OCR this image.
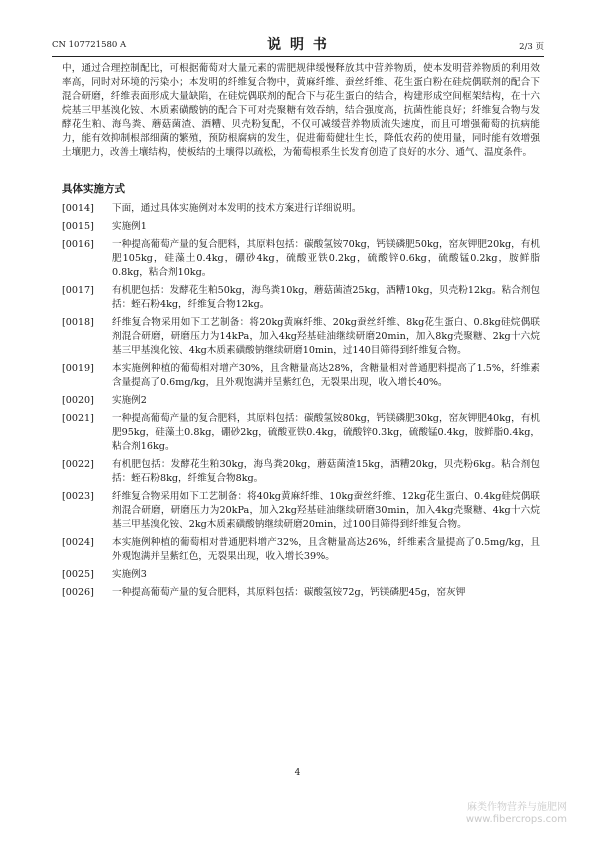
CN 107721580 A	说 明 书	2/3 页

中，通过合理控制配比，可根据葡萄对大量元素的需肥规律缓慢释放其中营养物质，使本发明营养物质的利用效率高，同时对环境的污染小；本发明的纤维复合物中，黄麻纤维、蚕丝纤维、花生蛋白粉在硅烷偶联剂的配合下混合研磨，纤维表面形成大量缺陷，在硅烷偶联剂的配合下与花生蛋白的结合，构建形成空间框架结构，在十六烷基三甲基溴化铵、木质素磺酸钠的配合下可对壳聚糖有效吞纳，结合强度高，抗菌性能良好；纤维复合物与发酵花生粕、海鸟粪、蘑菇菌渣、酒糟、贝壳粉复配，不仅可减缓营养物质流失速度，而且可增强葡萄的抗病能力，能有效抑制根部细菌的繁殖，预防根腐病的发生，促进葡萄健壮生长，降低农药的使用量，同时能有效增强土壤肥力，改善土壤结构，使板结的土壤得以疏松，为葡萄根系生长发育创造了良好的水分、通气、温度条件。

具体实施方式

[0014]	下面，通过具体实施例对本发明的技术方案进行详细说明。
[0015]	实施例1
[0016]	一种提高葡萄产量的复合肥料，其原料包括：碳酸氢铵70kg，钙镁磷肥50kg，窑灰钾肥20kg，有机肥105kg，硅藻土0.4kg，硼砂4kg，硫酸亚铁0.2kg，硫酸锌0.6kg，硫酸锰0.2kg，胺鲜脂0.8kg，粘合剂10kg。
[0017]	有机肥包括：发酵花生粕50kg，海鸟粪10kg，蘑菇菌渣25kg，酒糟10kg，贝壳粉12kg。粘合剂包括：蛭石粉4kg，纤维复合物12kg。
[0018]	纤维复合物采用如下工艺制备：将20kg黄麻纤维、20kg蚕丝纤维、8kg花生蛋白、0.8kg硅烷偶联剂混合研磨，研磨压力为14kPa，加入4kg羟基硅油继续研磨20min，加入8kg壳聚糖、2kg十六烷基三甲基溴化铵、4kg木质素磺酸钠继续研磨10min，过140目筛得到纤维复合物。
[0019]	本实施例种植的葡萄相对增产30%，且含糖量高达28%，含糖量相对普通肥料提高了1.5%，纤维素含量提高了0.6mg/kg，且外观饱满并呈紫红色，无裂果出现，收入增长40%。
[0020]	实施例2
[0021]	一种提高葡萄产量的复合肥料，其原料包括：碳酸氢铵80kg，钙镁磷肥30kg，窑灰钾肥40kg，有机肥95kg，硅藻土0.8kg，硼砂2kg，硫酸亚铁0.4kg，硫酸锌0.3kg，硫酸锰0.4kg，胺鲜脂0.4kg，粘合剂16kg。
[0022]	有机肥包括：发酵花生粕30kg，海鸟粪20kg，蘑菇菌渣15kg，酒糟20kg，贝壳粉6kg。粘合剂包括：蛭石粉8kg，纤维复合物8kg。
[0023]	纤维复合物采用如下工艺制备：将40kg黄麻纤维、10kg蚕丝纤维、12kg花生蛋白、0.4kg硅烷偶联剂混合研磨，研磨压力为20kPa，加入2kg羟基硅油继续研磨30min，加入4kg壳聚糖、4kg十六烷基三甲基溴化铵、2kg木质素磺酸钠继续研磨20min，过100目筛得到纤维复合物。
[0024]	本实施例种植的葡萄相对普通肥料增产32%，且含糖量高达26%，纤维素含量提高了0.5mg/kg，且外观饱满并呈紫红色，无裂果出现，收入增长39%。
[0025]	实施例3
[0026]	一种提高葡萄产量的复合肥料，其原料包括：碳酸氢铵72g，钙镁磷肥45g，窑灰钾
4
麻类作物营养与施肥网
www.fibercrops.com
